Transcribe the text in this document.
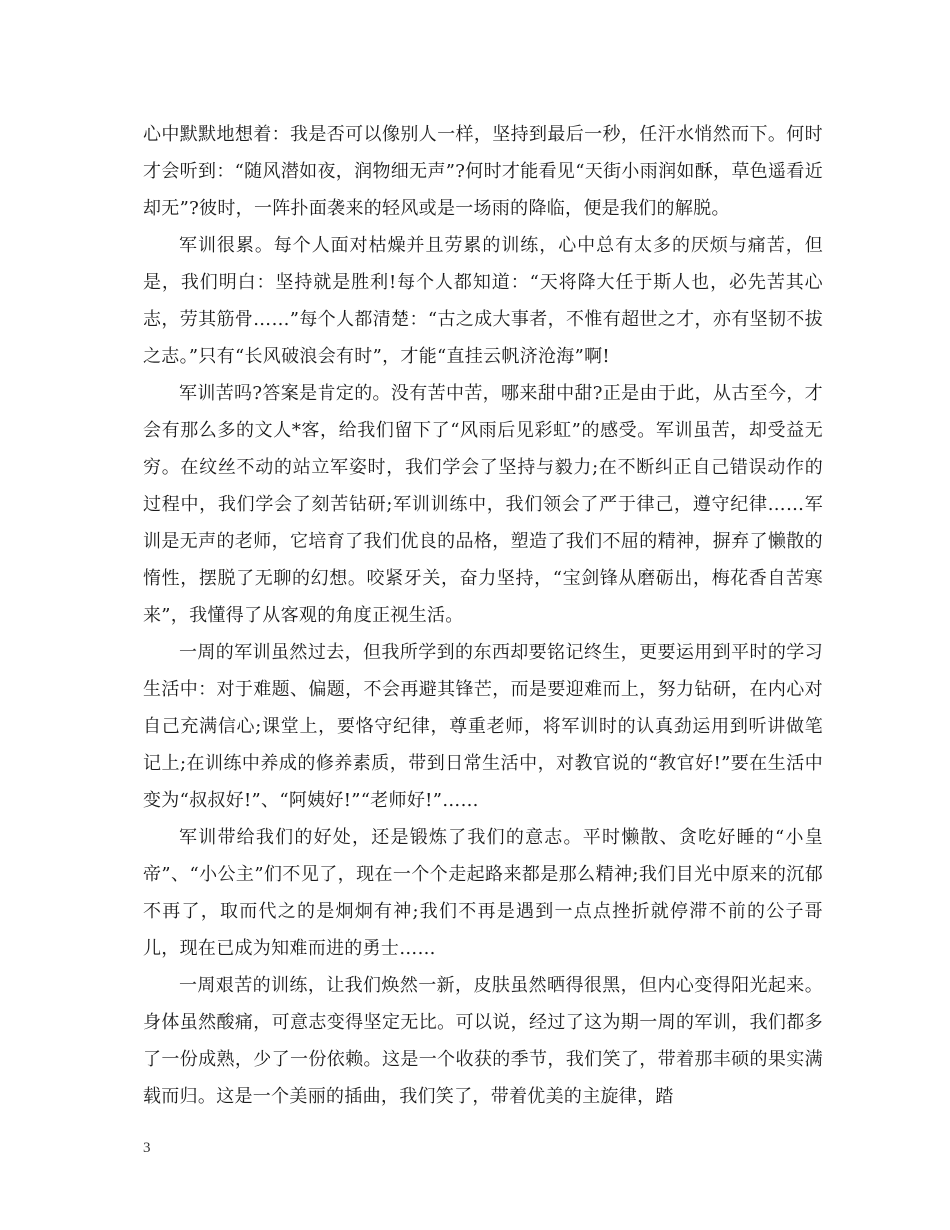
心中默默地想着：我是否可以像别人一样，坚持到最后一秒，任汗水悄然而下。何时才会听到：“随风潜如夜，润物细无声”?何时才能看见“天街小雨润如酥，草色遥看近却无”?彼时，一阵扑面袭来的轻风或是一场雨的降临，便是我们的解脱。

军训很累。每个人面对枯燥并且劳累的训练，心中总有太多的厌烦与痛苦，但是，我们明白：坚持就是胜利!每个人都知道：“天将降大任于斯人也，必先苦其心志，劳其筋骨……”每个人都清楚：“古之成大事者，不惟有超世之才，亦有坚韧不拔之志。”只有“长风破浪会有时”，才能“直挂云帆济沧海”啊!

军训苦吗?答案是肯定的。没有苦中苦，哪来甜中甜?正是由于此，从古至今，才会有那么多的文人*客，给我们留下了“风雨后见彩虹”的感受。军训虽苦，却受益无穷。在纹丝不动的站立军姿时，我们学会了坚持与毅力;在不断纠正自己错误动作的过程中，我们学会了刻苦钻研;军训训练中，我们领会了严于律己，遵守纪律……军训是无声的老师，它培育了我们优良的品格，塑造了我们不屈的精神，摒弃了懒散的惰性，摆脱了无聊的幻想。咬紧牙关，奋力坚持，“宝剑锋从磨砺出，梅花香自苦寒来”，我懂得了从客观的角度正视生活。

一周的军训虽然过去，但我所学到的东西却要铭记终生，更要运用到平时的学习生活中：对于难题、偏题，不会再避其锋芒，而是要迎难而上，努力钻研，在内心对自己充满信心;课堂上，要恪守纪律，尊重老师，将军训时的认真劲运用到听讲做笔记上;在训练中养成的修养素质，带到日常生活中，对教官说的“教官好!”要在生活中变为“叔叔好!”、“阿姨好!”“老师好!”……

军训带给我们的好处，还是锻炼了我们的意志。平时懒散、贪吃好睡的“小皇帝”、“小公主”们不见了，现在一个个走起路来都是那么精神;我们目光中原来的沉郁不再了，取而代之的是炯炯有神;我们不再是遇到一点点挫折就停滞不前的公子哥儿，现在已成为知难而进的勇士……

一周艰苦的训练，让我们焕然一新，皮肤虽然晒得很黑，但内心变得阳光起来。身体虽然酸痛，可意志变得坚定无比。可以说，经过了这为期一周的军训，我们都多了一份成熟，少了一份依赖。这是一个收获的季节，我们笑了，带着那丰硕的果实满载而归。这是一个美丽的插曲，我们笑了，带着优美的主旋律，踏

3
